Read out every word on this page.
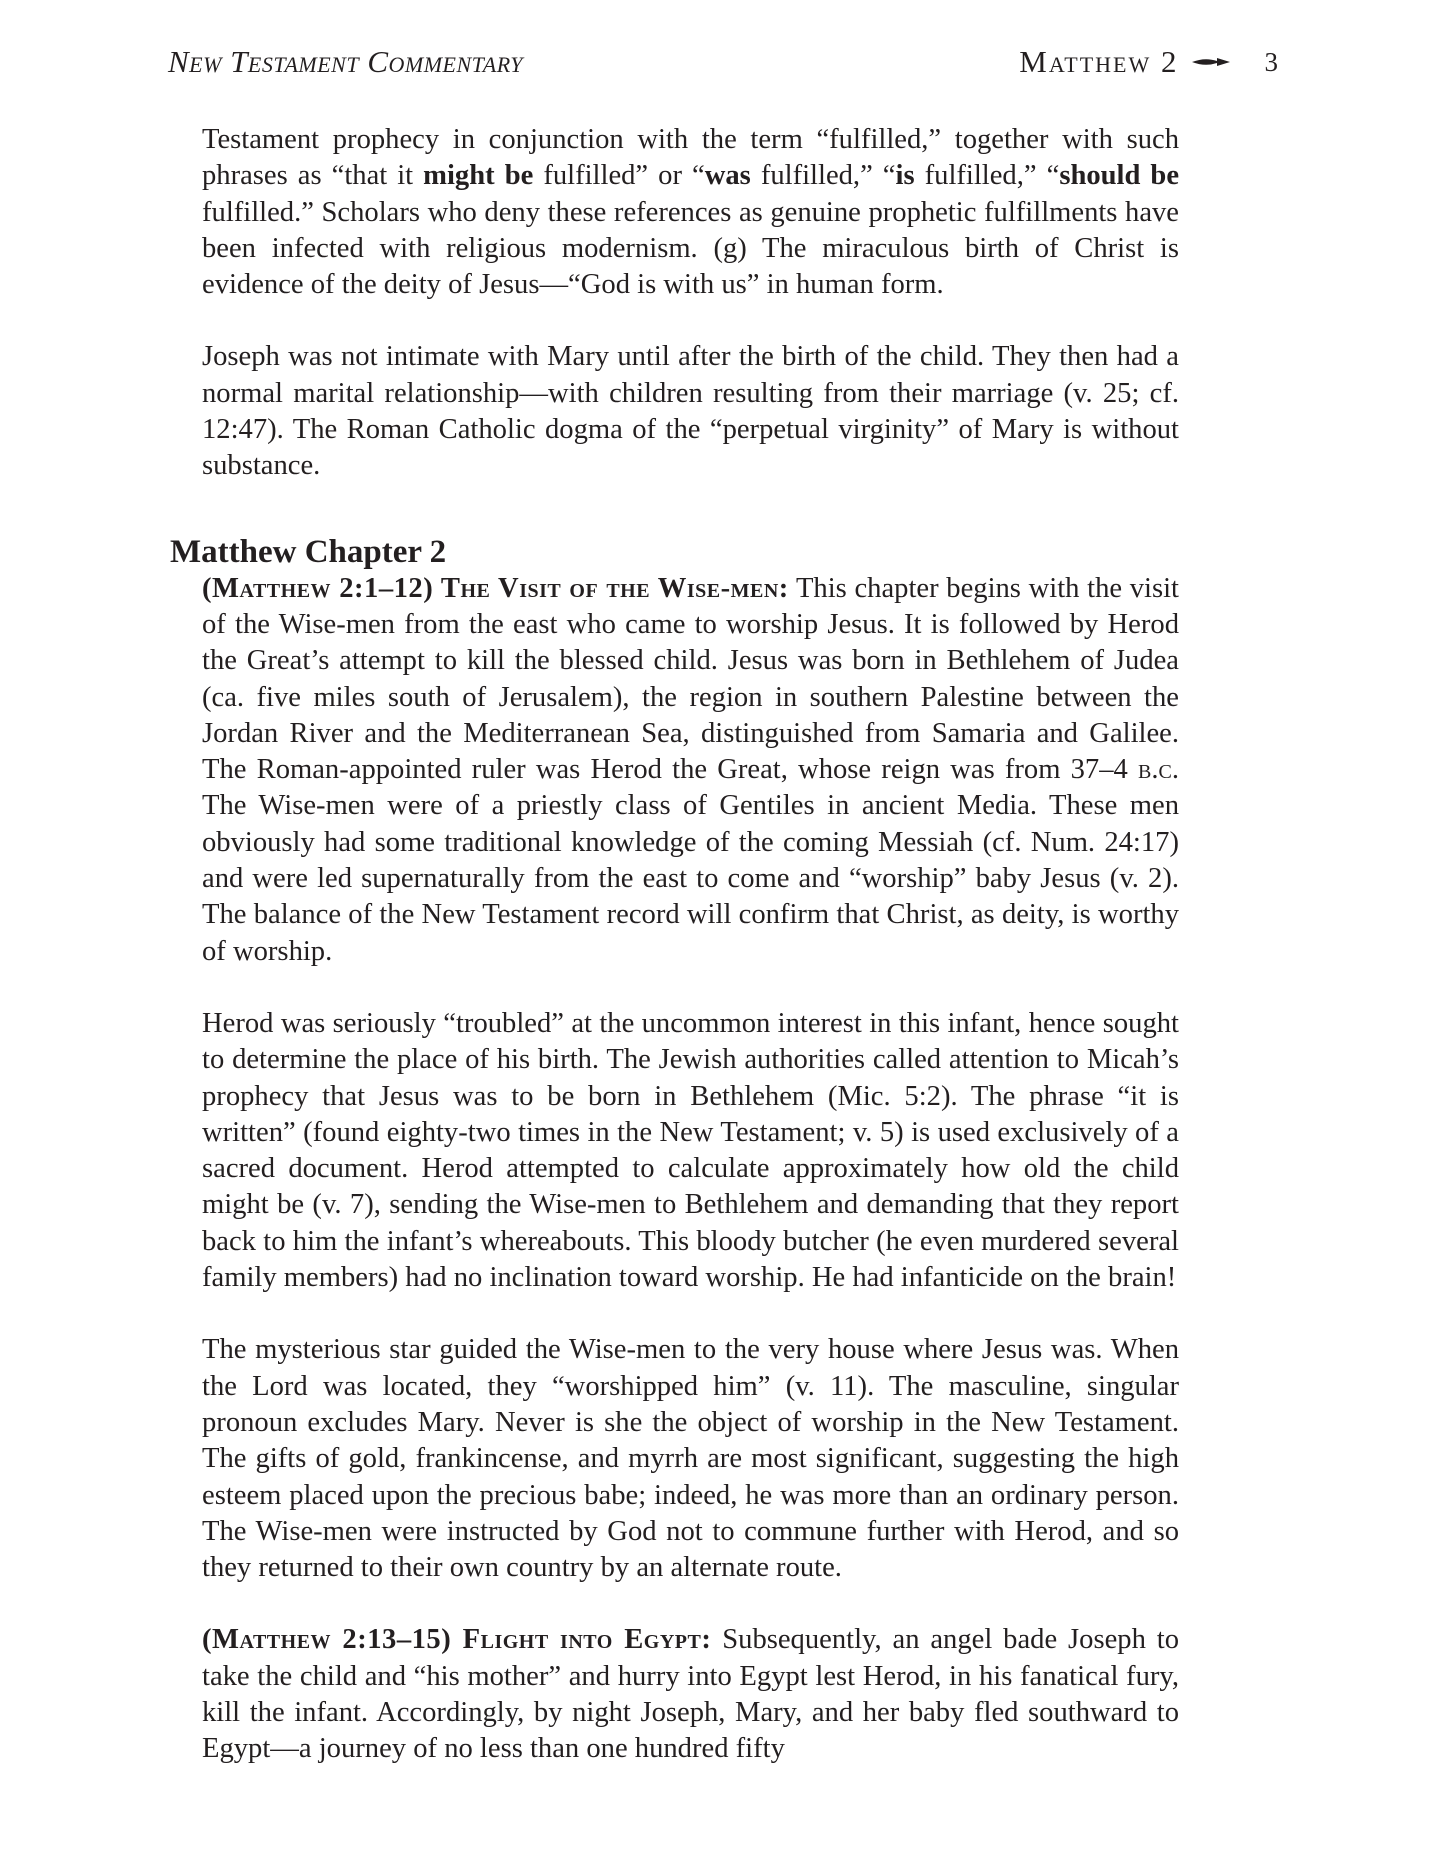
New Testament Commentary	Matthew 2	3

Testament prophecy in conjunction with the term “fulfilled,” together with such phrases as “that it might be fulfilled” or “was fulfilled,” “is fulfilled,” “should be fulfilled.” Scholars who deny these references as genuine prophetic fulfillments have been infected with religious modernism. (g) The miraculous birth of Christ is evidence of the deity of Jesus—“God is with us” in human form.

Joseph was not intimate with Mary until after the birth of the child. They then had a normal marital relationship—with children resulting from their marriage (v. 25; cf. 12:47). The Roman Catholic dogma of the “perpetual virginity” of Mary is without substance.

Matthew Chapter 2

(Matthew 2:1–12) The Visit of the Wise-men: This chapter begins with the visit of the Wise-men from the east who came to worship Jesus. It is followed by Herod the Great’s attempt to kill the blessed child. Jesus was born in Bethlehem of Judea (ca. five miles south of Jerusalem), the region in southern Palestine between the Jordan River and the Mediterranean Sea, distinguished from Samaria and Galilee. The Roman-appointed ruler was Herod the Great, whose reign was from 37–4 b.c. The Wise-men were of a priestly class of Gentiles in ancient Media. These men obviously had some traditional knowledge of the coming Messiah (cf. Num. 24:17) and were led supernaturally from the east to come and “worship” baby Jesus (v. 2). The balance of the New Testament record will confirm that Christ, as deity, is worthy of worship.

Herod was seriously “troubled” at the uncommon interest in this infant, hence sought to determine the place of his birth. The Jewish authorities called attention to Micah’s prophecy that Jesus was to be born in Bethlehem (Mic. 5:2). The phrase “it is written” (found eighty-two times in the New Testament; v. 5) is used exclusively of a sacred document. Herod attempted to calculate approximately how old the child might be (v. 7), sending the Wise-men to Bethlehem and demanding that they report back to him the infant’s whereabouts. This bloody butcher (he even murdered several family members) had no inclination toward worship. He had infanticide on the brain!

The mysterious star guided the Wise-men to the very house where Jesus was. When the Lord was located, they “worshipped him” (v. 11). The masculine, singular pronoun excludes Mary. Never is she the object of worship in the New Testament. The gifts of gold, frankincense, and myrrh are most significant, suggesting the high esteem placed upon the precious babe; indeed, he was more than an ordinary person. The Wise-men were instructed by God not to commune further with Herod, and so they returned to their own country by an alternate route.

(Matthew 2:13–15) Flight into Egypt: Subsequently, an angel bade Joseph to take the child and “his mother” and hurry into Egypt lest Herod, in his fanatical fury, kill the infant. Accordingly, by night Joseph, Mary, and her baby fled southward to Egypt—a journey of no less than one hundred fifty
